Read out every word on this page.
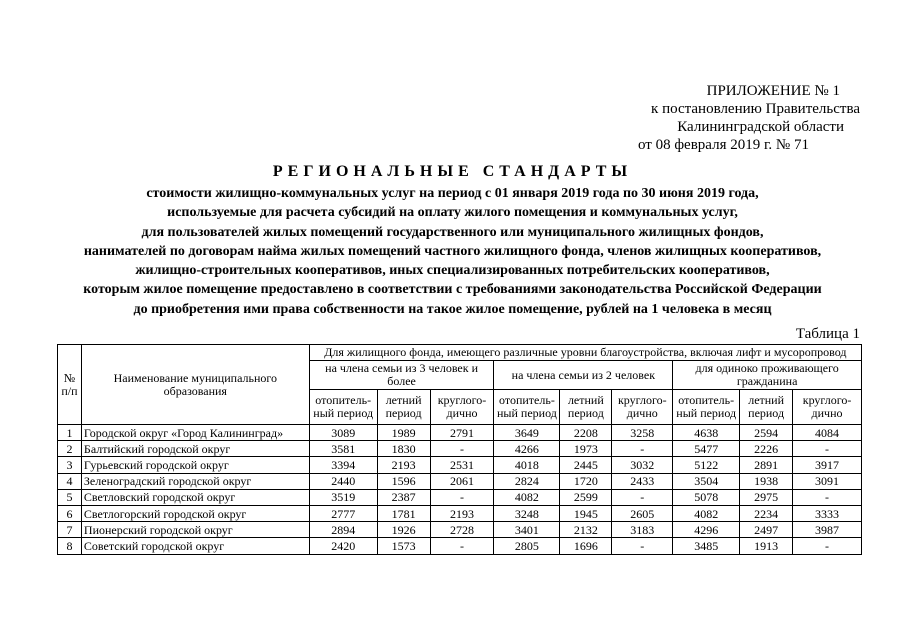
ПРИЛОЖЕНИЕ № 1
к постановлению Правительства
Калининградской области
от 08 февраля 2019 г. № 71
РЕГИОНАЛЬНЫЕ СТАНДАРТЫ
стоимости жилищно-коммунальных услуг на период с 01 января 2019 года по 30 июня 2019 года,
используемые для расчета субсидий на оплату жилого помещения и коммунальных услуг,
для пользователей жилых помещений государственного или муниципального жилищных фондов,
нанимателей по договорам найма жилых помещений частного жилищного фонда, членов жилищных кооперативов,
жилищно-строительных кооперативов, иных специализированных потребительских кооперативов,
которым жилое помещение предоставлено в соответствии с требованиями законодательства Российской Федерации
до приобретения ими права собственности на такое жилое помещение, рублей на 1 человека в месяц
Таблица 1
№ п/п	Наименование муниципального образования	Для жилищного фонда, имеющего различные уровни благоустройства, включая лифт и мусоропровод								
		на члена семьи из 3 человек и более			на члена семьи из 2 человек			для одиноко проживающего гражданина		
		отопитель-ный период	летний период	круглого-дично	отопитель-ный период	летний период	круглого-дично	отопитель-ный период	летний период	круглого-дично
1	Городской округ «Город Калининград»	3089	1989	2791	3649	2208	3258	4638	2594	4084
2	Балтийский городской округ	3581	1830	-	4266	1973	-	5477	2226	-
3	Гурьевский городской округ	3394	2193	2531	4018	2445	3032	5122	2891	3917
4	Зеленоградский городской округ	2440	1596	2061	2824	1720	2433	3504	1938	3091
5	Светловский городской округ	3519	2387	-	4082	2599	-	5078	2975	-
6	Светлогорский городской округ	2777	1781	2193	3248	1945	2605	4082	2234	3333
7	Пионерский городской округ	2894	1926	2728	3401	2132	3183	4296	2497	3987
8	Советский городской округ	2420	1573	-	2805	1696	-	3485	1913	-
